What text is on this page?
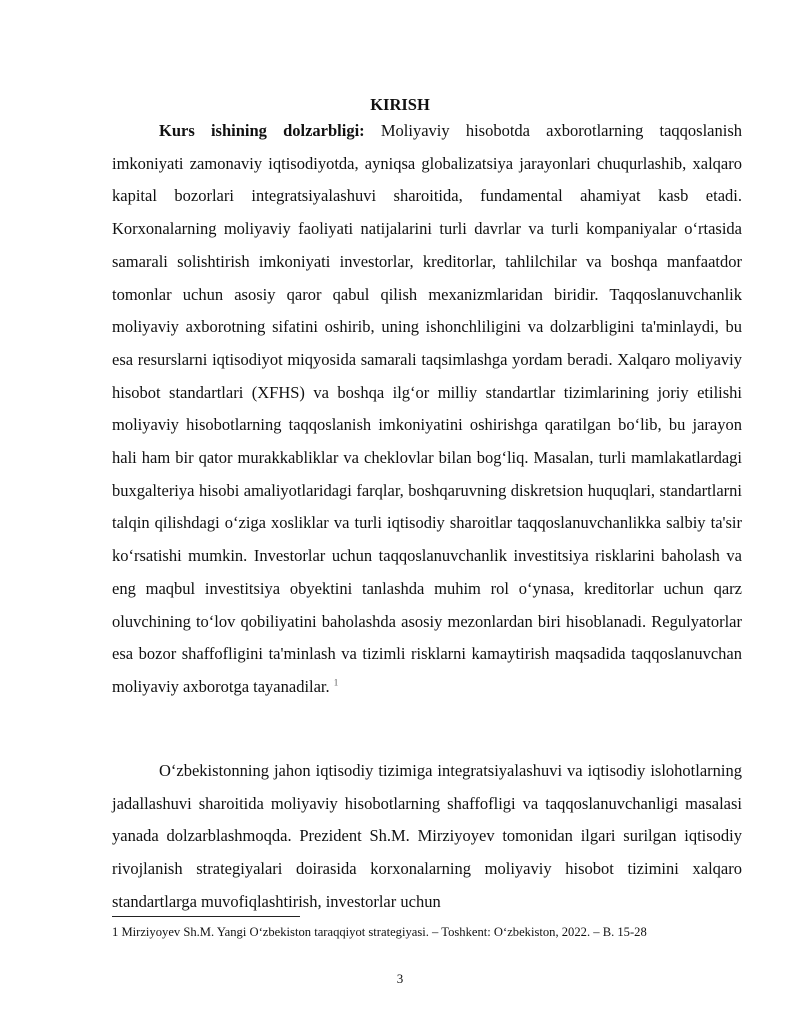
KIRISH

Kurs ishining dolzarbligi: Moliyaviy hisobotda axborotlarning taqqoslanish imkoniyati zamonaviy iqtisodiyotda, ayniqsa globalizatsiya jarayonlari chuqurlashib, xalqaro kapital bozorlari integratsiyalashuvi sharoitida, fundamental ahamiyat kasb etadi. Korxonalarning moliyaviy faoliyati natijalarini turli davrlar va turli kompaniyalar o‘rtasida samarali solishtirish imkoniyati investorlar, kreditorlar, tahlilchilar va boshqa manfaatdor tomonlar uchun asosiy qaror qabul qilish mexanizmlaridan biridir. Taqqoslanuvchanlik moliyaviy axborotning sifatini oshirib, uning ishonchliligini va dolzarbligini ta'minlaydi, bu esa resurslarni iqtisodiyot miqyosida samarali taqsimlashga yordam beradi. Xalqaro moliyaviy hisobot standartlari (XFHS) va boshqa ilg‘or milliy standartlar tizimlarining joriy etilishi moliyaviy hisobotlarning taqqoslanish imkoniyatini oshirishga qaratilgan bo‘lib, bu jarayon hali ham bir qator murakkabliklar va cheklovlar bilan bog‘liq. Masalan, turli mamlakatlardagi buxgalteriya hisobi amaliyotlaridagi farqlar, boshqaruvning diskretsion huquqlari, standartlarni talqin qilishdagi o‘ziga xosliklar va turli iqtisodiy sharoitlar taqqoslanuvchanlikka salbiy ta'sir ko‘rsatishi mumkin. Investorlar uchun taqqoslanuvchanlik investitsiya risklarini baholash va eng maqbul investitsiya obyektini tanlashda muhim rol o‘ynasa, kreditorlar uchun qarz oluvchining to‘lov qobiliyatini baholashda asosiy mezonlardan biri hisoblanadi. Regulyatorlar esa bozor shaffofligini ta'minlash va tizimli risklarni kamaytirish maqsadida taqqoslanuvchan moliyaviy axborotga tayanadilar. $^1$

O‘zbekistonning jahon iqtisodiy tizimiga integratsiyalashuvi va iqtisodiy islohotlarning jadallashuvi sharoitida moliyaviy hisobotlarning shaffofligi va taqqoslanuvchanligi masalasi yanada dolzarblashmoqda. Prezident Sh.M. Mirziyoyev tomonidan ilgari surilgan iqtisodiy rivojlanish strategiyalari doirasida korxonalarning moliyaviy hisobot tizimini xalqaro standartlarga muvofiqlashtirish, investorlar uchun

1 Mirziyoyev Sh.M. Yangi O‘zbekiston taraqqiyot strategiyasi. – Toshkent: O‘zbekiston, 2022. – B. 15-28
3
